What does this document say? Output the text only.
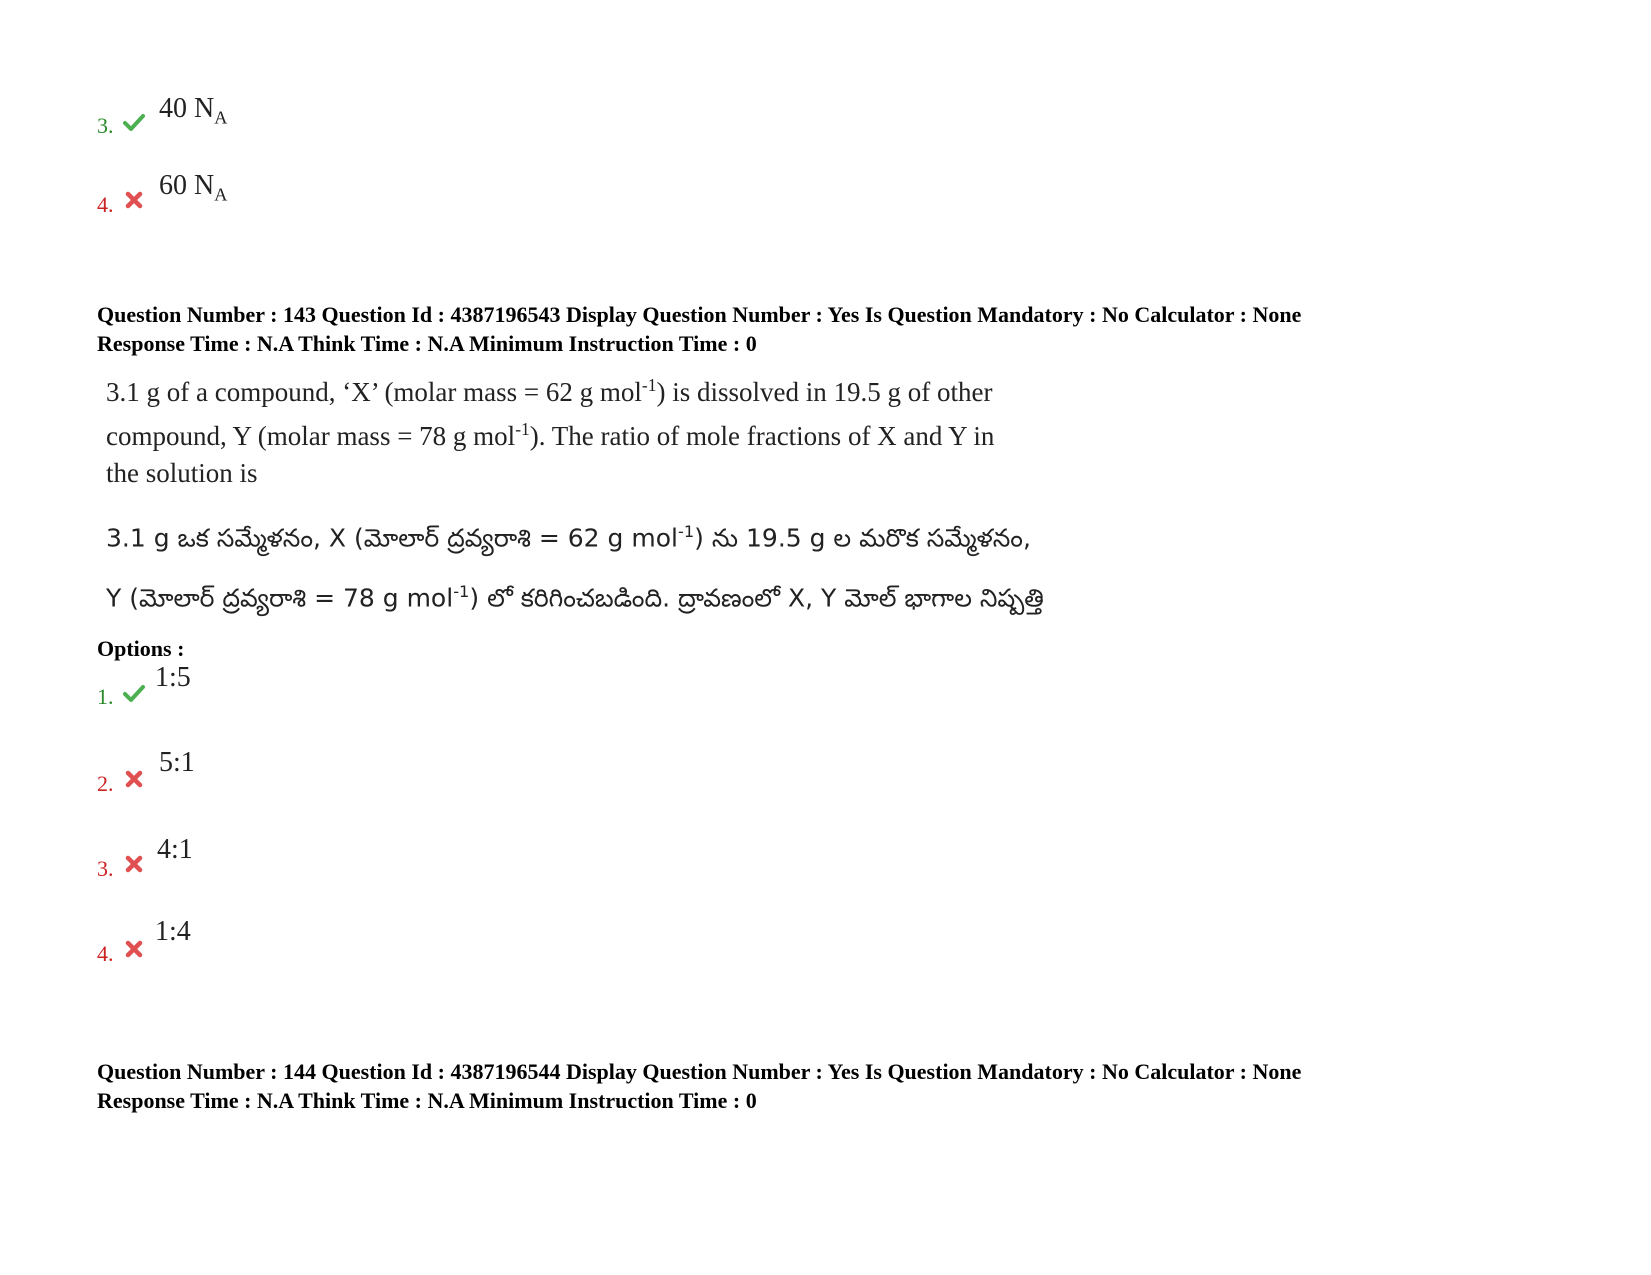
3.
40 $N_A$
4.
60 $N_A$
Question Number : 143 Question Id : 4387196543 Display Question Number : Yes Is Question Mandatory : No Calculator : None
Response Time : N.A Think Time : N.A Minimum Instruction Time : 0
3.1 g of a compound, ‘X’ (molar mass = 62 g mol$^{-1}$) is dissolved in 19.5 g of other
compound, Y (molar mass = 78 g mol$^{-1}$). The ratio of mole fractions of X and Y in
the solution is
3.1 g ఒక సమ్మేళనం, X (మోలార్ ద్రవ్యరాశి = 62 g mol$^{-1}$) ను 19.5 g ల మరొక సమ్మేళనం,
Y (మోలార్ ద్రవ్యరాశి = 78 g mol$^{-1}$) లో కరిగించబడింది. ద్రావణంలో X, Y మోల్ భాగాల నిష్పత్తి
Options :
1.
1:5
2.
5:1
3.
4:1
4.
1:4
Question Number : 144 Question Id : 4387196544 Display Question Number : Yes Is Question Mandatory : No Calculator : None
Response Time : N.A Think Time : N.A Minimum Instruction Time : 0
